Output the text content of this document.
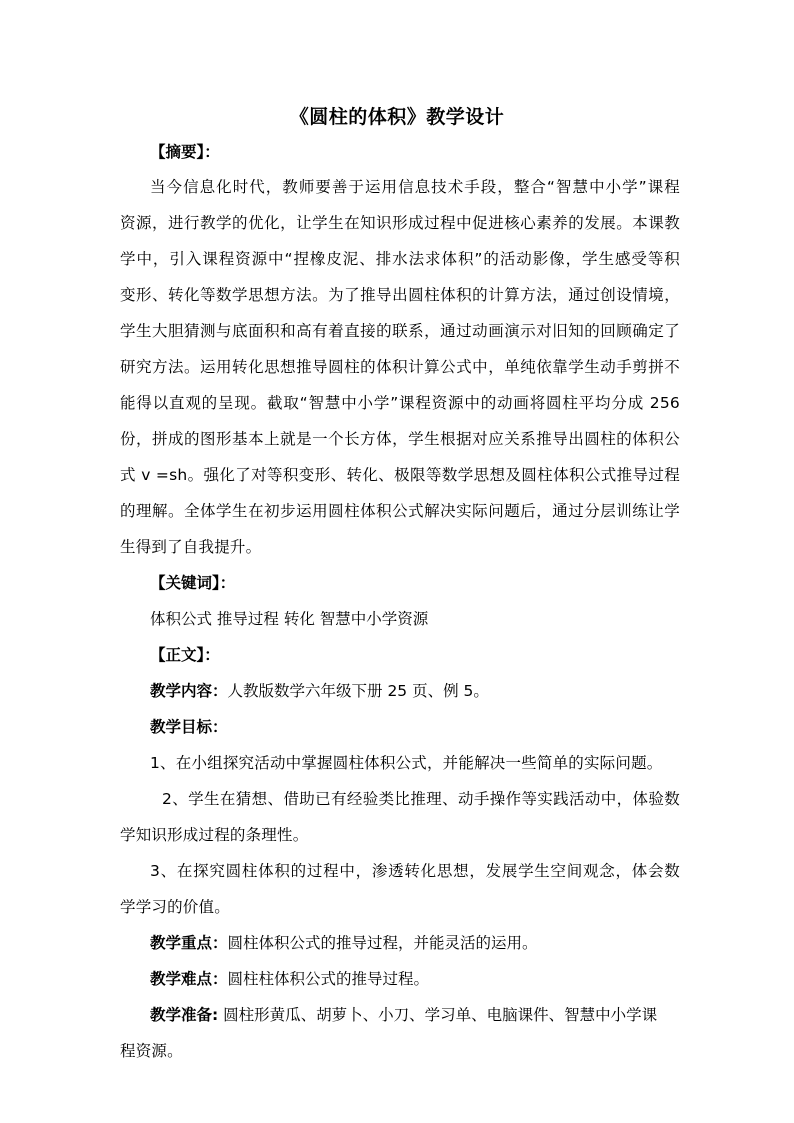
《圆柱的体积》教学设计
【摘要】：
当今信息化时代，教师要善于运用信息技术手段，整合“智慧中小学”课程
资源，进行教学的优化，让学生在知识形成过程中促进核心素养的发展。本课教
学中，引入课程资源中“捏橡皮泥、排水法求体积”的活动影像，学生感受等积
变形、转化等数学思想方法。为了推导出圆柱体积的计算方法，通过创设情境，
学生大胆猜测与底面积和高有着直接的联系，通过动画演示对旧知的回顾确定了
研究方法。运用转化思想推导圆柱的体积计算公式中，单纯依靠学生动手剪拼不
能得以直观的呈现。截取“智慧中小学”课程资源中的动画将圆柱平均分成 256
份，拼成的图形基本上就是一个长方体，学生根据对应关系推导出圆柱的体积公
式 v =sh。强化了对等积变形、转化、极限等数学思想及圆柱体积公式推导过程
的理解。全体学生在初步运用圆柱体积公式解决实际问题后，通过分层训练让学
生得到了自我提升。
【关键词】：
体积公式 推导过程 转化 智慧中小学资源
【正文】：
教学内容：人教版数学六年级下册 25 页、例 5。
教学目标：
1、在小组探究活动中掌握圆柱体积公式，并能解决一些简单的实际问题。
2、学生在猜想、借助已有经验类比推理、动手操作等实践活动中，体验数
学知识形成过程的条理性。
3、在探究圆柱体积的过程中，渗透转化思想，发展学生空间观念，体会数
学学习的价值。
教学重点：圆柱体积公式的推导过程，并能灵活的运用。
教学难点：圆柱柱体积公式的推导过程。
教学准备: 圆柱形黄瓜、胡萝卜、小刀、学习单、电脑课件、智慧中小学课
程资源。
